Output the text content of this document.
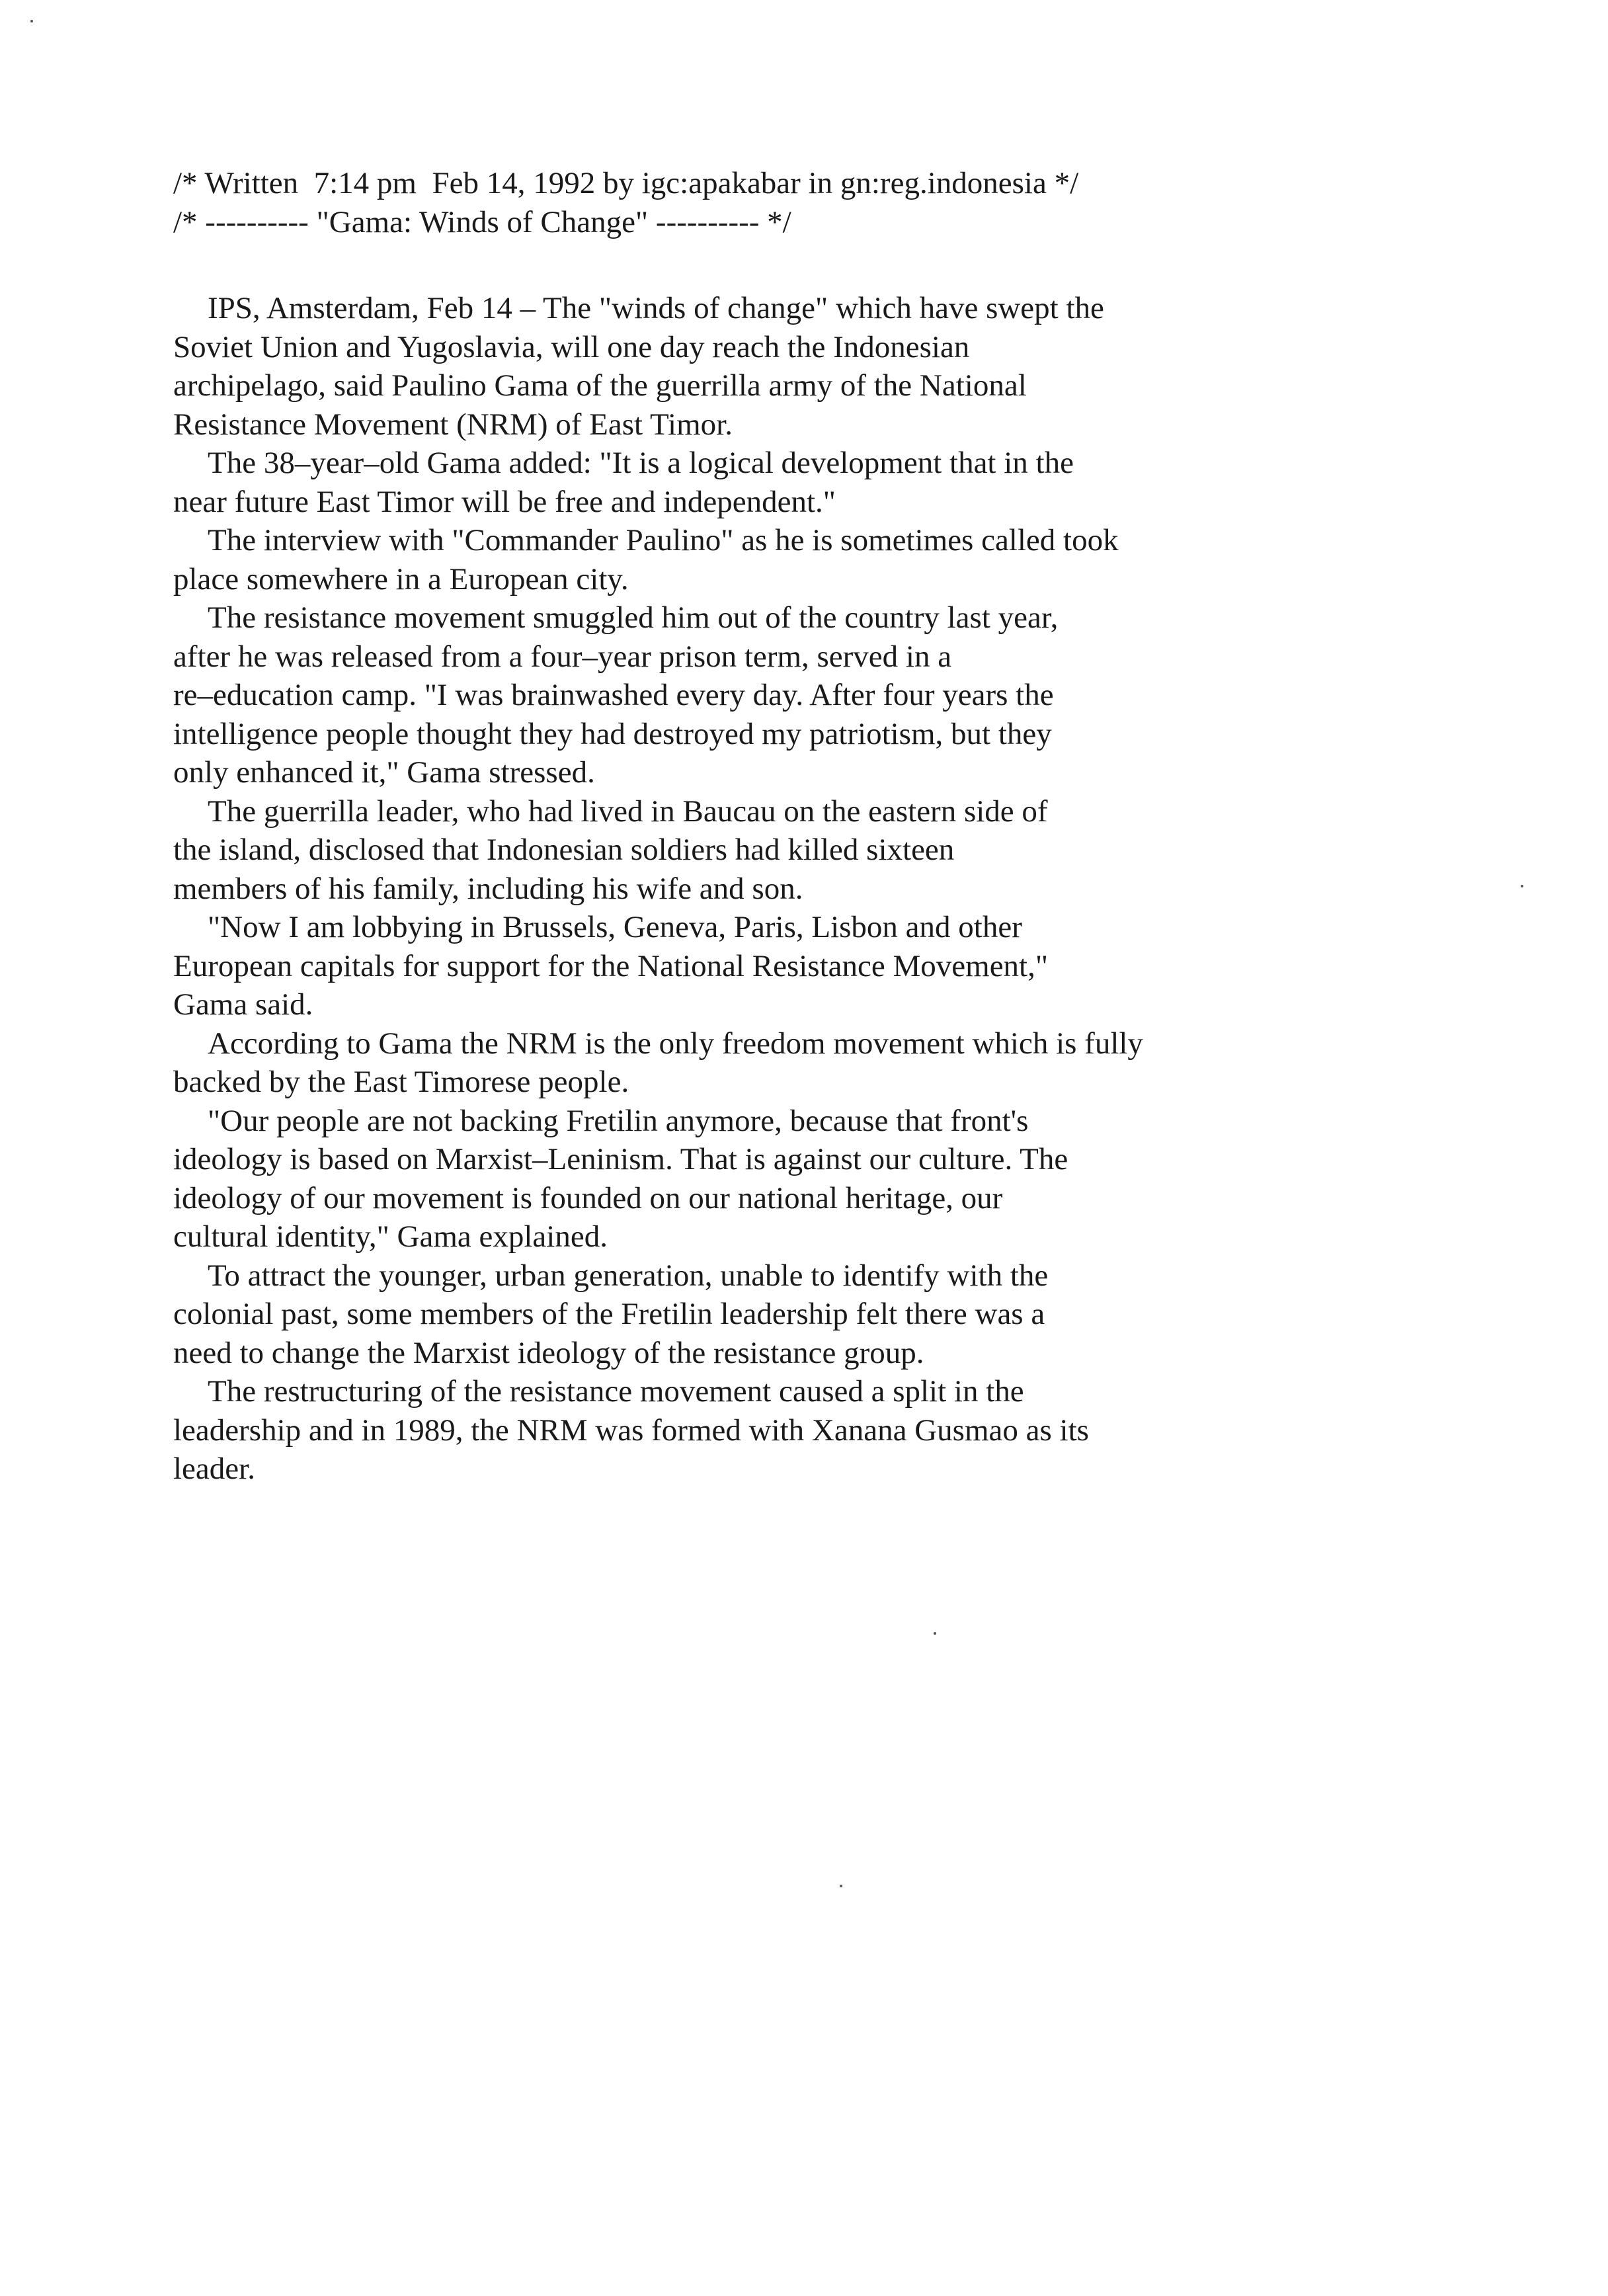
/* Written  7:14 pm  Feb 14, 1992 by igc:apakabar in gn:reg.indonesia */
/* ---------- "Gama: Winds of Change" ---------- */

IPS, Amsterdam, Feb 14 – The "winds of change" which have swept the
Soviet Union and Yugoslavia, will one day reach the Indonesian
archipelago, said Paulino Gama of the guerrilla army of the National
Resistance Movement (NRM) of East Timor.

The 38–year–old Gama added: "It is a logical development that in the
near future East Timor will be free and independent."

The interview with "Commander Paulino" as he is sometimes called took
place somewhere in a European city.

The resistance movement smuggled him out of the country last year,
after he was released from a four–year prison term, served in a
re–education camp. "I was brainwashed every day. After four years the
intelligence people thought they had destroyed my patriotism, but they
only enhanced it," Gama stressed.

The guerrilla leader, who had lived in Baucau on the eastern side of
the island, disclosed that Indonesian soldiers had killed sixteen
members of his family, including his wife and son.

"Now I am lobbying in Brussels, Geneva, Paris, Lisbon and other
European capitals for support for the National Resistance Movement,"
Gama said.

According to Gama the NRM is the only freedom movement which is fully
backed by the East Timorese people.

"Our people are not backing Fretilin anymore, because that front's
ideology is based on Marxist–Leninism. That is against our culture. The
ideology of our movement is founded on our national heritage, our
cultural identity," Gama explained.

To attract the younger, urban generation, unable to identify with the
colonial past, some members of the Fretilin leadership felt there was a
need to change the Marxist ideology of the resistance group.

The restructuring of the resistance movement caused a split in the
leadership and in 1989, the NRM was formed with Xanana Gusmao as its
leader.
